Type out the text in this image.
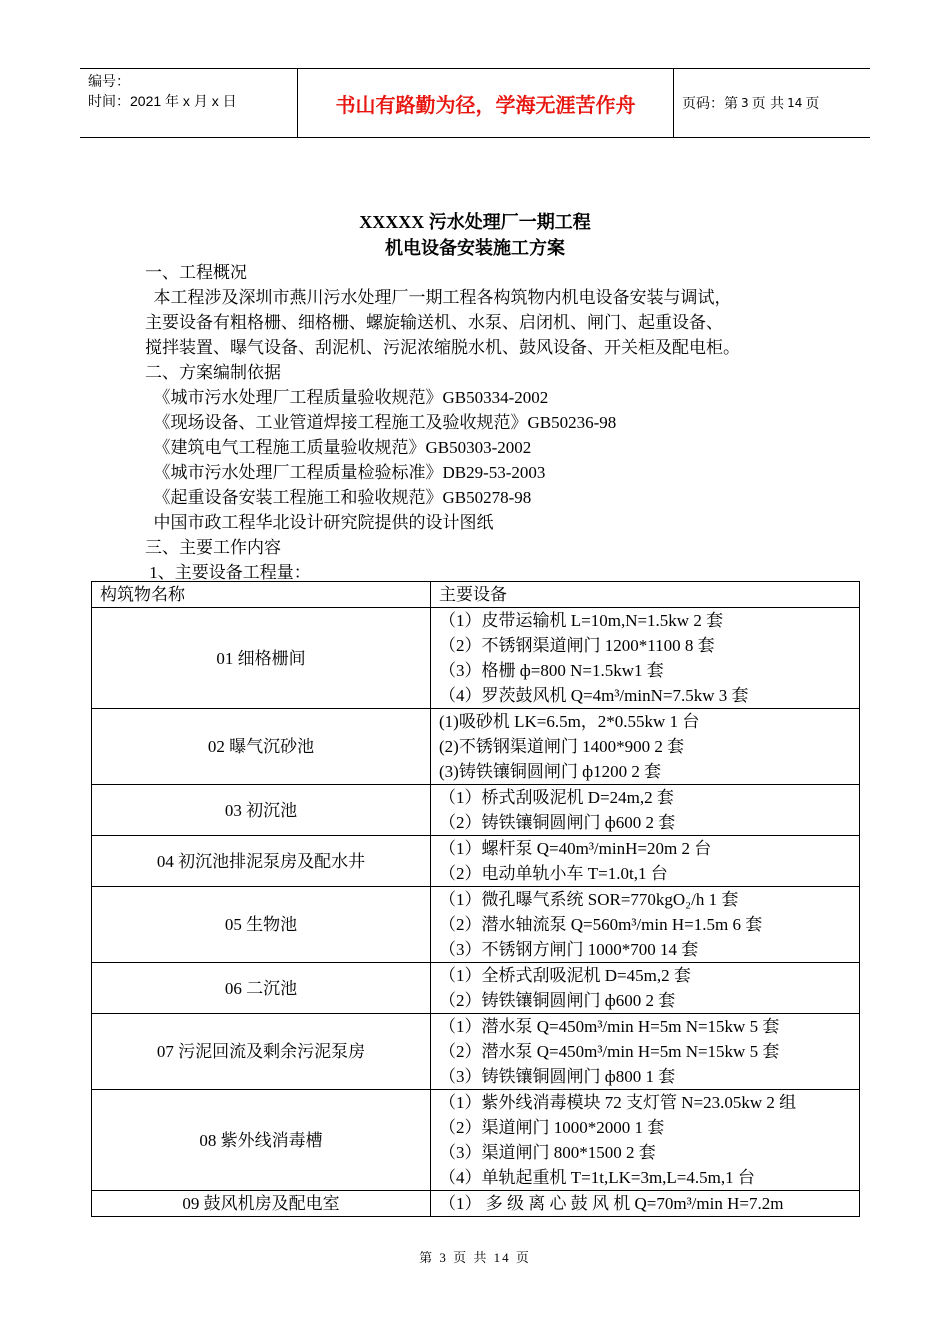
编号：
时间：2021 年 x 月 x 日	书山有路勤为径，学海无涯苦作舟	页码：第 3 页 共 14 页
XXXXX 污水处理厂一期工程
机电设备安装施工方案
一、工程概况
本工程涉及深圳市燕川污水处理厂一期工程各构筑物内机电设备安装与调试，
主要设备有粗格栅、细格栅、螺旋输送机、水泵、启闭机、闸门、起重设备、
搅拌装置、曝气设备、刮泥机、污泥浓缩脱水机、鼓风设备、开关柜及配电柜。
二、方案编制依据
《城市污水处理厂工程质量验收规范》GB50334-2002
《现场设备、工业管道焊接工程施工及验收规范》GB50236-98
《建筑电气工程施工质量验收规范》GB50303-2002
《城市污水处理厂工程质量检验标准》DB29-53-2003
《起重设备安装工程施工和验收规范》GB50278-98
中国市政工程华北设计研究院提供的设计图纸
三、主要工作内容
1、主要设备工程量：
构筑物名称	主要设备
01 细格栅间	（1）皮带运输机 L=10m,N=1.5kw 2 套
（2）不锈钢渠道闸门 1200*1100 8 套
（3）格栅 ф=800 N=1.5kw1 套
（4）罗茨鼓风机 Q=4m³/minN=7.5kw 3 套

02 曝气沉砂池	(1)吸砂机 LK=6.5m，2*0.55kw 1 台
(2)不锈钢渠道闸门 1400*900 2 套
(3)铸铁镶铜圆闸门 ф1200 2 套

03 初沉池	（1）桥式刮吸泥机 D=24m,2 套
（2）铸铁镶铜圆闸门 ф600 2 套

04 初沉池排泥泵房及配水井	（1）螺杆泵 Q=40m³/minH=20m 2 台
（2）电动单轨小车 T=1.0t,1 台

05 生物池	（1）微孔曝气系统 SOR=770kgO₂/h 1 套
（2）潜水轴流泵 Q=560m³/min H=1.5m 6 套
（3）不锈钢方闸门 1000*700 14 套

06 二沉池	（1）全桥式刮吸泥机 D=45m,2 套
（2）铸铁镶铜圆闸门 ф600 2 套

07 污泥回流及剩余污泥泵房	（1）潜水泵 Q=450m³/min H=5m N=15kw 5 套
（2）潜水泵 Q=450m³/min H=5m N=15kw 5 套
（3）铸铁镶铜圆闸门 ф800 1 套

08 紫外线消毒槽	（1）紫外线消毒模块 72 支灯管 N=23.05kw 2 组
（2）渠道闸门 1000*2000 1 套
（3）渠道闸门 800*1500 2 套
（4）单轨起重机 T=1t,LK=3m,L=4.5m,1 台

09 鼓风机房及配电室	（1） 多 级 离 心 鼓 风 机 Q=70m³/min H=7.2m
第 3 页 共 14 页
